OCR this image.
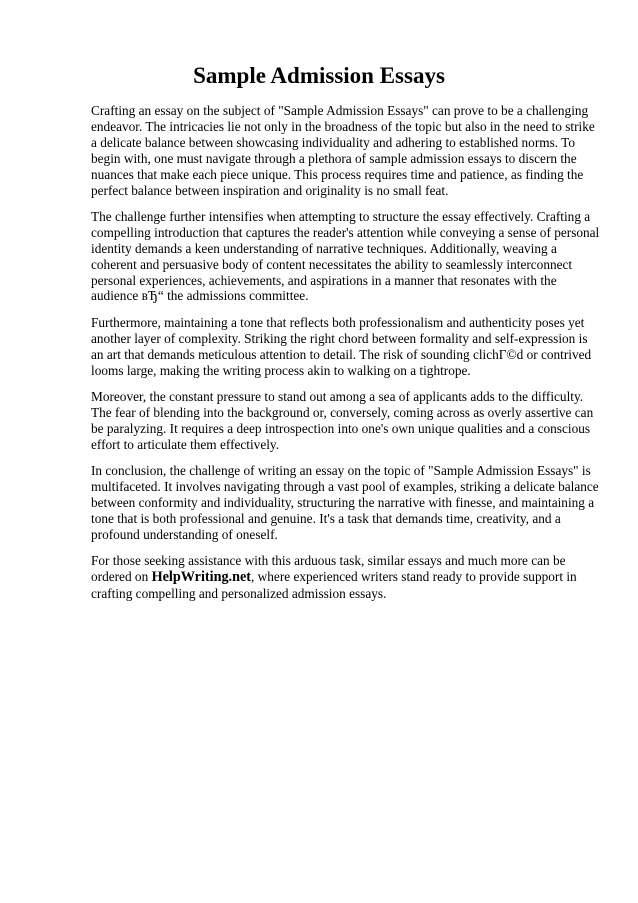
Sample Admission Essays

Crafting an essay on the subject of "Sample Admission Essays" can prove to be a challenging endeavor. The intricacies lie not only in the broadness of the topic but also in the need to strike a delicate balance between showcasing individuality and adhering to established norms. To begin with, one must navigate through a plethora of sample admission essays to discern the nuances that make each piece unique. This process requires time and patience, as finding the perfect balance between inspiration and originality is no small feat.

The challenge further intensifies when attempting to structure the essay effectively. Crafting a compelling introduction that captures the reader's attention while conveying a sense of personal identity demands a keen understanding of narrative techniques. Additionally, weaving a coherent and persuasive body of content necessitates the ability to seamlessly interconnect personal experiences, achievements, and aspirations in a manner that resonates with the audience вЂ“ the admissions committee.

Furthermore, maintaining a tone that reflects both professionalism and authenticity poses yet another layer of complexity. Striking the right chord between formality and self-expression is an art that demands meticulous attention to detail. The risk of sounding clichГ©d or contrived looms large, making the writing process akin to walking on a tightrope.

Moreover, the constant pressure to stand out among a sea of applicants adds to the difficulty. The fear of blending into the background or, conversely, coming across as overly assertive can be paralyzing. It requires a deep introspection into one's own unique qualities and a conscious effort to articulate them effectively.

In conclusion, the challenge of writing an essay on the topic of "Sample Admission Essays" is multifaceted. It involves navigating through a vast pool of examples, striking a delicate balance between conformity and individuality, structuring the narrative with finesse, and maintaining a tone that is both professional and genuine. It's a task that demands time, creativity, and a profound understanding of oneself.

For those seeking assistance with this arduous task, similar essays and much more can be ordered on HelpWriting.net, where experienced writers stand ready to provide support in crafting compelling and personalized admission essays.
